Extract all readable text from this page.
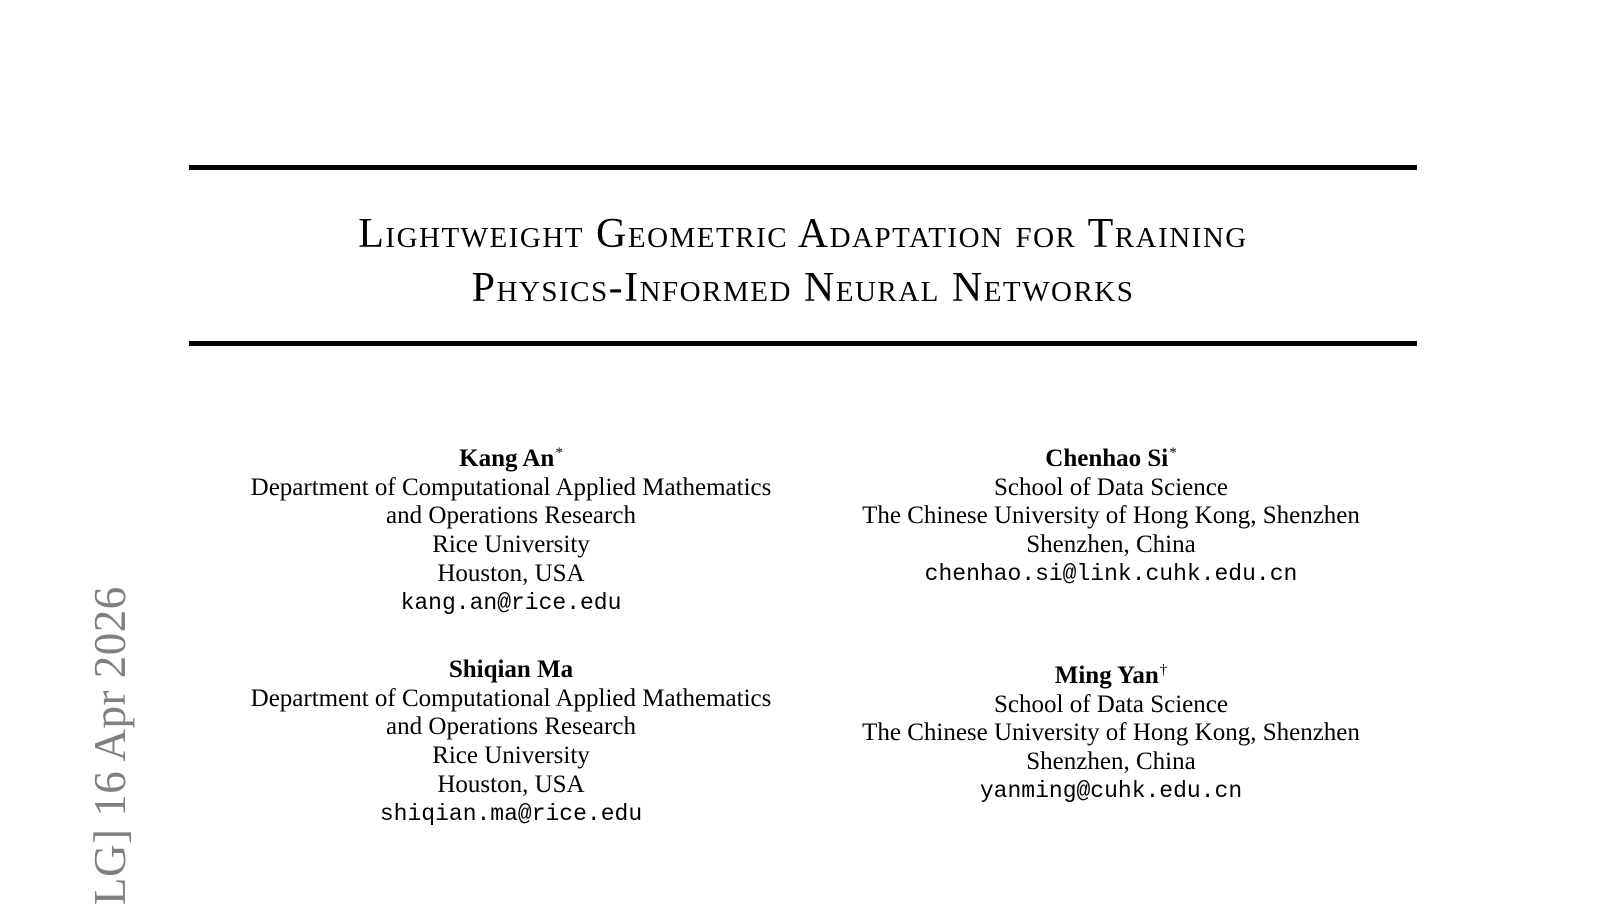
Lightweight Geometric Adaptation for Training
Physics-Informed Neural Networks
Kang An*
Department of Computational Applied Mathematics
and Operations Research
Rice University
Houston, USA
kang.an@rice.edu
Chenhao Si*
School of Data Science
The Chinese University of Hong Kong, Shenzhen
Shenzhen, China
chenhao.si@link.cuhk.edu.cn
Shiqian Ma
Department of Computational Applied Mathematics
and Operations Research
Rice University
Houston, USA
shiqian.ma@rice.edu
Ming Yan†
School of Data Science
The Chinese University of Hong Kong, Shenzhen
Shenzhen, China
yanming@cuhk.edu.cn
LG] 16 Apr 2026
